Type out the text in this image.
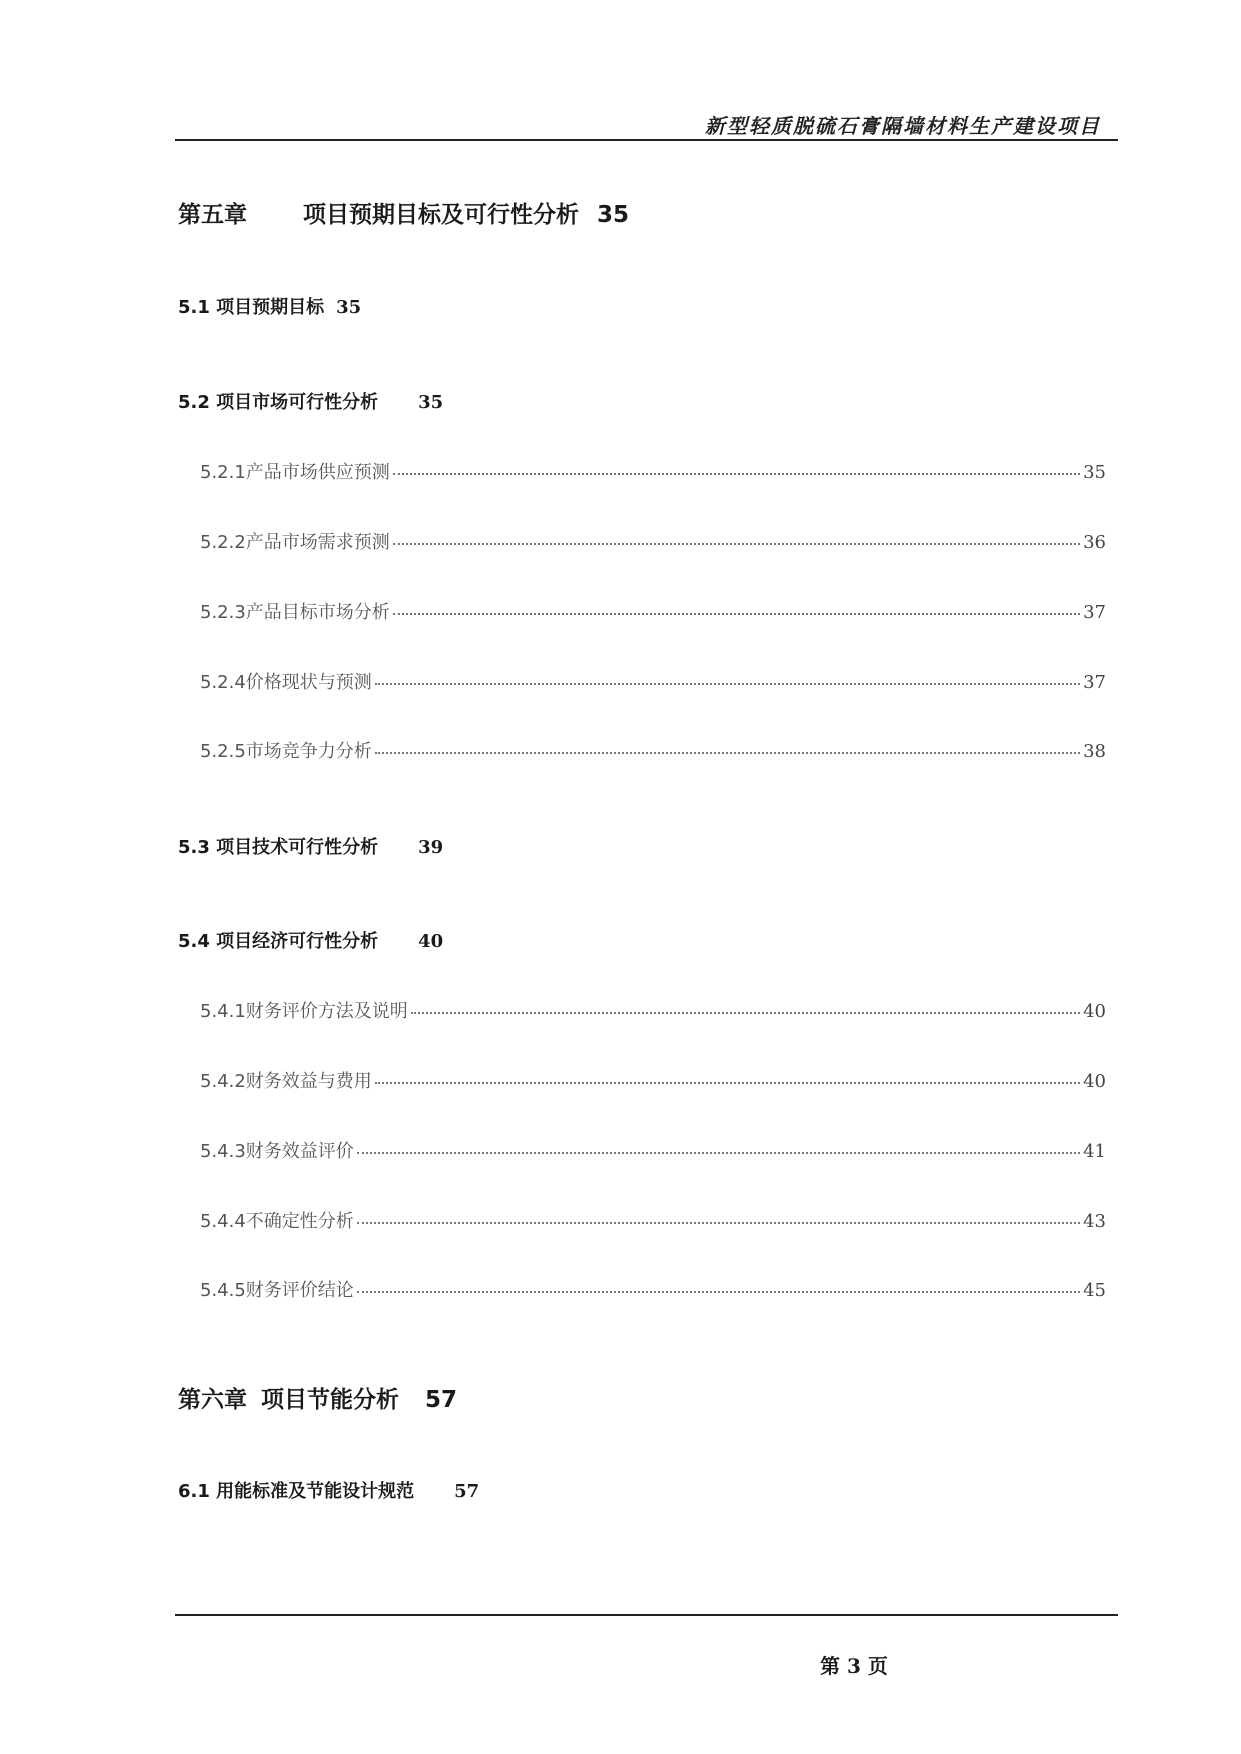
新型轻质脱硫石膏隔墙材料生产建设项目
第五章 项目预期目标及可行性分析 35
5.1 项目预期目标 35
5.2 项目市场可行性分析 35
5.2.1产品市场供应预测	35
5.2.2产品市场需求预测	36
5.2.3产品目标市场分析	37
5.2.4价格现状与预测	37
5.2.5市场竞争力分析	38
5.3 项目技术可行性分析 39
5.4 项目经济可行性分析 40
5.4.1财务评价方法及说明	40
5.4.2财务效益与费用	40
5.4.3财务效益评价	41
5.4.4不确定性分析	43
5.4.5财务评价结论	45
第六章 项目节能分析 57
6.1 用能标准及节能设计规范 57
第 3 页
